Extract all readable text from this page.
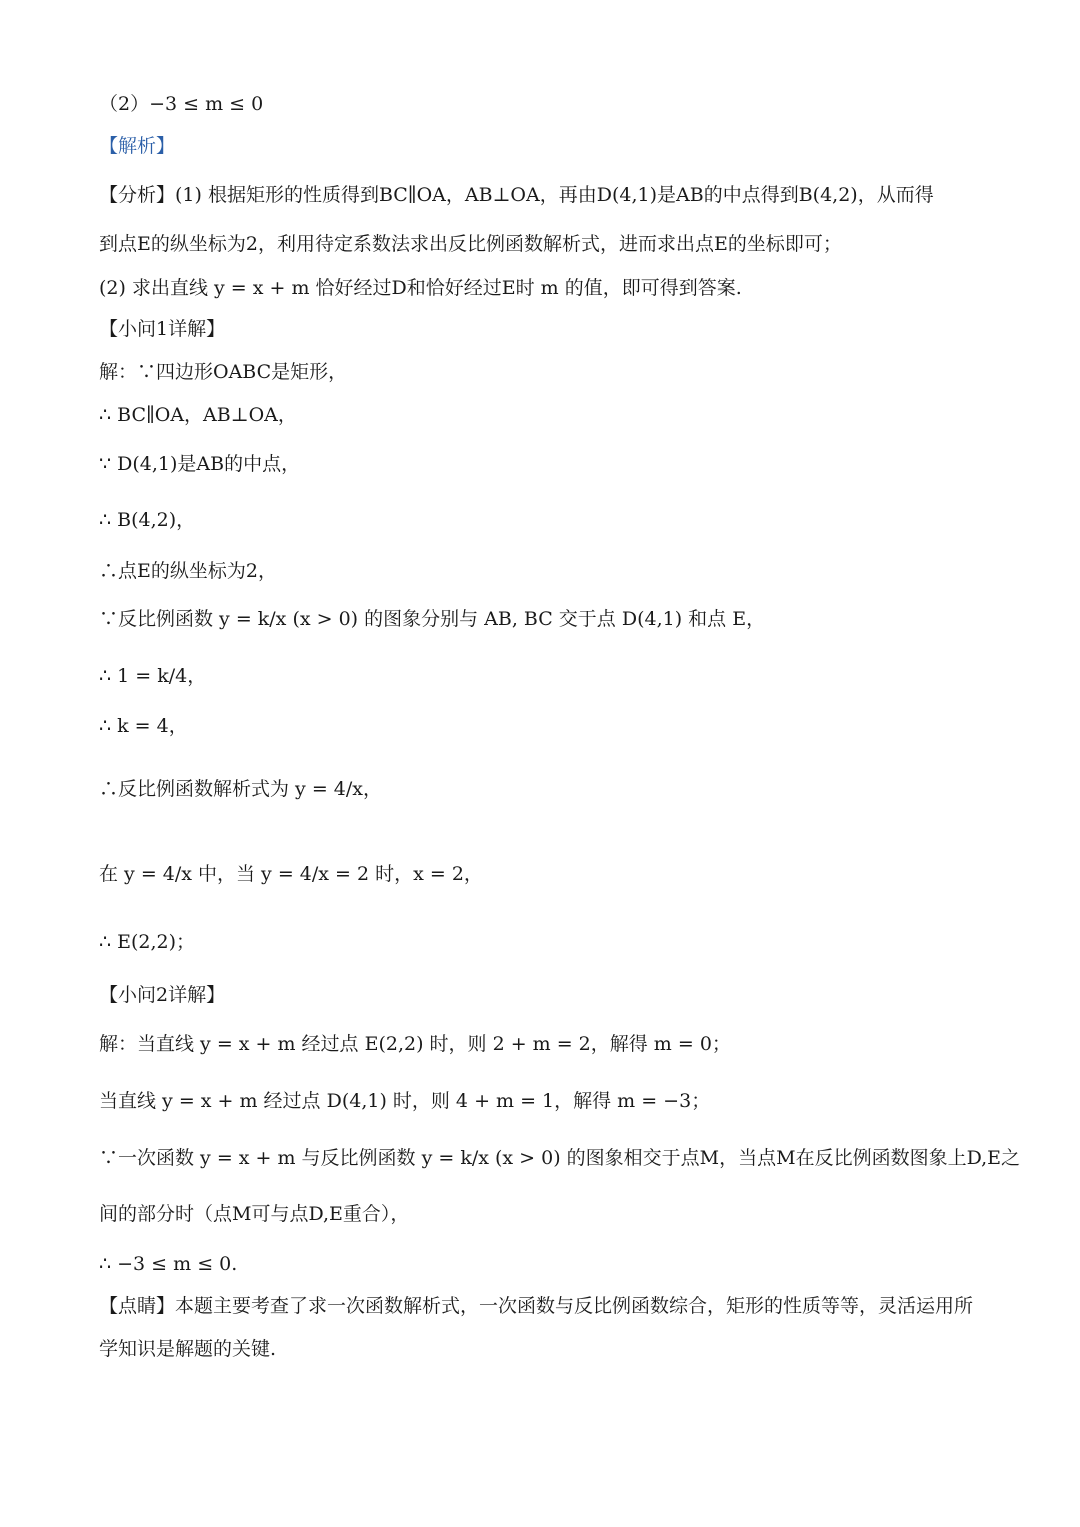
（2）−3 ≤ m ≤ 0
【解析】
【分析】(1) 根据矩形的性质得到BC∥OA，AB⊥OA，再由D(4,1)是AB的中点得到B(4,2)，从而得
到点E的纵坐标为2，利用待定系数法求出反比例函数解析式，进而求出点E的坐标即可；
(2) 求出直线 y = x + m 恰好经过D和恰好经过E时 m 的值，即可得到答案.
【小问1详解】
解：∵四边形OABC是矩形，
∴ BC∥OA，AB⊥OA，
∵ D(4,1)是AB的中点，
∴ B(4,2)，
∴点E的纵坐标为2，
∵反比例函数 y = k/x (x > 0) 的图象分别与 AB, BC 交于点 D(4,1) 和点 E，
∴ 1 = k/4，
∴ k = 4，
∴反比例函数解析式为 y = 4/x，
在 y = 4/x 中，当 y = 4/x = 2 时，x = 2，
∴ E(2,2)；
【小问2详解】
解：当直线 y = x + m 经过点 E(2,2) 时，则 2 + m = 2，解得 m = 0；
当直线 y = x + m 经过点 D(4,1) 时，则 4 + m = 1，解得 m = −3；
∵一次函数 y = x + m 与反比例函数 y = k/x (x > 0) 的图象相交于点M，当点M在反比例函数图象上D,E之
间的部分时（点M可与点D,E重合），
∴ −3 ≤ m ≤ 0.
【点睛】本题主要考查了求一次函数解析式，一次函数与反比例函数综合，矩形的性质等等，灵活运用所
学知识是解题的关键.
